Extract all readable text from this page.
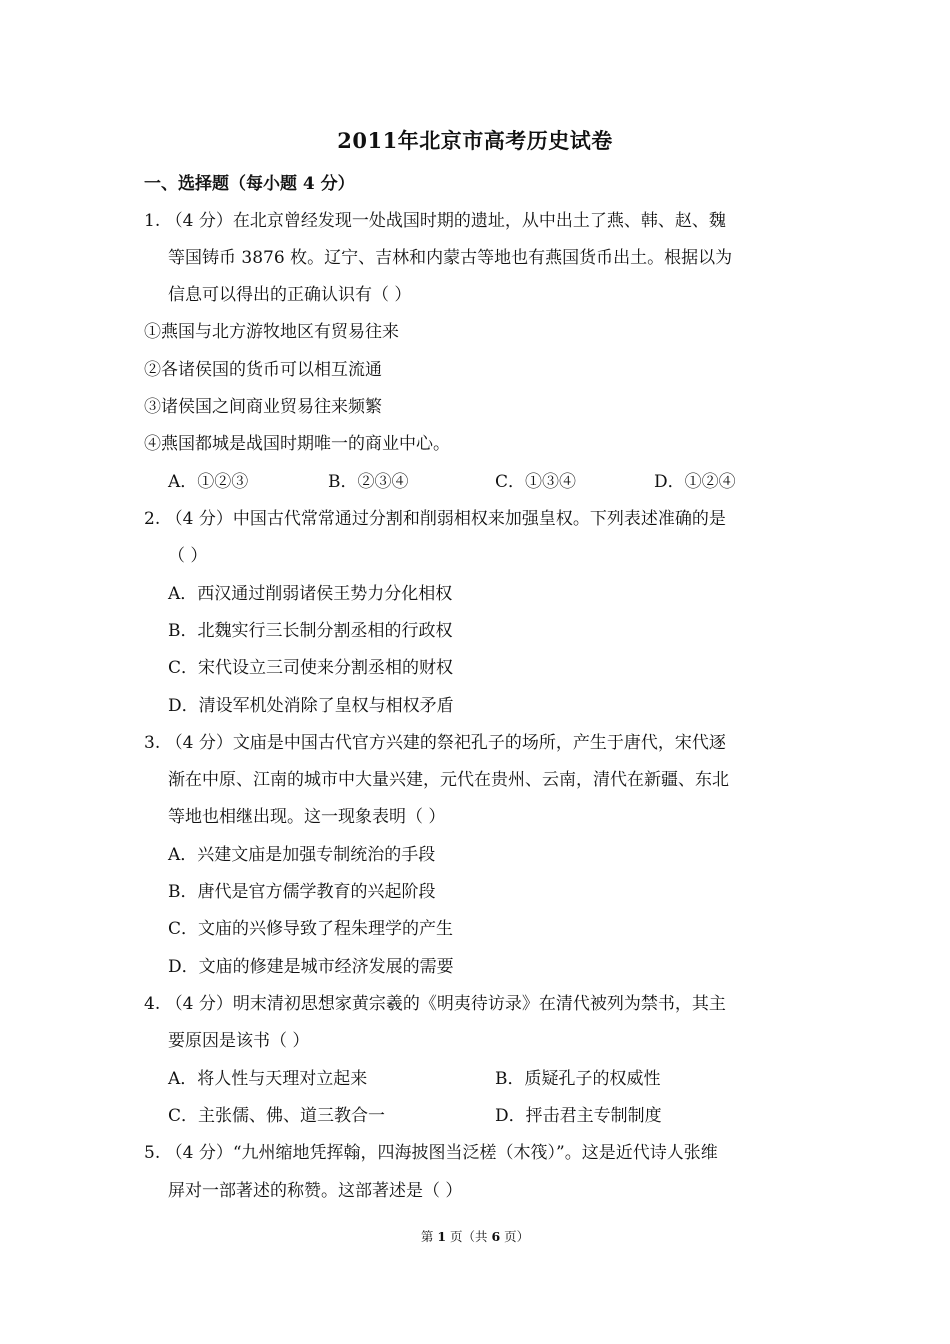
2011年北京市高考历史试卷
一、选择题（每小题 4 分）
1. （4 分）在北京曾经发现一处战国时期的遗址，从中出土了燕、韩、赵、魏
等国铸币 3876 枚。辽宁、吉林和内蒙古等地也有燕国货币出土。根据以为
信息可以得出的正确认识有（ ）
①燕国与北方游牧地区有贸易往来
②各诸侯国的货币可以相互流通
③诸侯国之间商业贸易往来频繁
④燕国都城是战国时期唯一的商业中心。
A．①②③	B．②③④	C．①③④	D．①②④
2. （4 分）中国古代常常通过分割和削弱相权来加强皇权。下列表述准确的是
（ ）
A．西汉通过削弱诸侯王势力分化相权
B．北魏实行三长制分割丞相的行政权
C．宋代设立三司使来分割丞相的财权
D．清设军机处消除了皇权与相权矛盾
3. （4 分）文庙是中国古代官方兴建的祭祀孔子的场所，产生于唐代，宋代逐
渐在中原、江南的城市中大量兴建，元代在贵州、云南，清代在新疆、东北
等地也相继出现。这一现象表明（ ）
A．兴建文庙是加强专制统治的手段
B．唐代是官方儒学教育的兴起阶段
C．文庙的兴修导致了程朱理学的产生
D．文庙的修建是城市经济发展的需要
4. （4 分）明末清初思想家黄宗羲的《明夷待访录》在清代被列为禁书，其主
要原因是该书（ ）
A．将人性与天理对立起来	B．质疑孔子的权威性
C．主张儒、佛、道三教合一	D．抨击君主专制制度
5. （4 分）“九州缩地凭挥翰，四海披图当泛槎（木筏）”。这是近代诗人张维
屏对一部著述的称赞。这部著述是（ ）
第 1 页（共 6 页）
